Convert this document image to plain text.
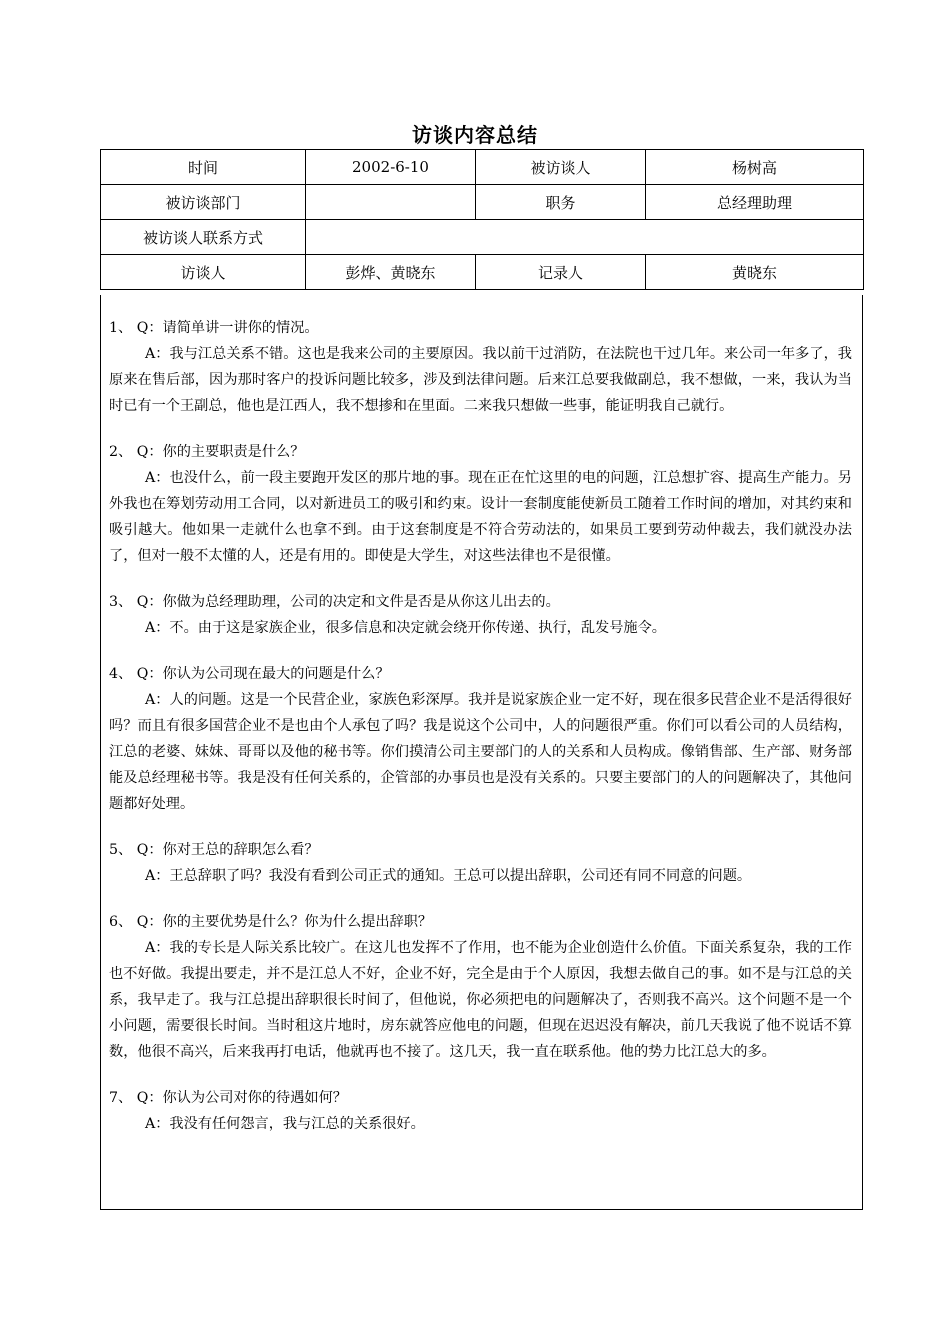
访谈内容总结
时间	2002-6-10	被访谈人	杨树高
被访谈部门		职务	总经理助理
被访谈人联系方式			
访谈人	彭烨、黄晓东	记录人	黄晓东
1、 Q：请简单讲一讲你的情况。
A：我与江总关系不错。这也是我来公司的主要原因。我以前干过消防，在法院也干过几年。来公司一年多了，我原来在售后部，因为那时客户的投诉问题比较多，涉及到法律问题。后来江总要我做副总，我不想做，一来，我认为当时已有一个王副总，他也是江西人，我不想掺和在里面。二来我只想做一些事，能证明我自己就行。
2、 Q：你的主要职责是什么？
A：也没什么，前一段主要跑开发区的那片地的事。现在正在忙这里的电的问题，江总想扩容、提高生产能力。另外我也在筹划劳动用工合同，以对新进员工的吸引和约束。设计一套制度能使新员工随着工作时间的增加，对其约束和吸引越大。他如果一走就什么也拿不到。由于这套制度是不符合劳动法的，如果员工要到劳动仲裁去，我们就没办法了，但对一般不太懂的人，还是有用的。即使是大学生，对这些法律也不是很懂。
3、 Q：你做为总经理助理，公司的决定和文件是否是从你这儿出去的。
A：不。由于这是家族企业，很多信息和决定就会绕开你传递、执行，乱发号施令。
4、 Q：你认为公司现在最大的问题是什么？
A：人的问题。这是一个民营企业，家族色彩深厚。我并是说家族企业一定不好，现在很多民营企业不是活得很好吗？而且有很多国营企业不是也由个人承包了吗？我是说这个公司中，人的问题很严重。你们可以看公司的人员结构，江总的老婆、妹妹、哥哥以及他的秘书等。你们摸清公司主要部门的人的关系和人员构成。像销售部、生产部、财务部能及总经理秘书等。我是没有任何关系的，企管部的办事员也是没有关系的。只要主要部门的人的问题解决了，其他问题都好处理。
5、 Q：你对王总的辞职怎么看？
A：王总辞职了吗？我没有看到公司正式的通知。王总可以提出辞职，公司还有同不同意的问题。
6、 Q：你的主要优势是什么？你为什么提出辞职？
A：我的专长是人际关系比较广。在这儿也发挥不了作用，也不能为企业创造什么价值。下面关系复杂，我的工作也不好做。我提出要走，并不是江总人不好，企业不好，完全是由于个人原因，我想去做自己的事。如不是与江总的关系，我早走了。我与江总提出辞职很长时间了，但他说，你必须把电的问题解决了，否则我不高兴。这个问题不是一个小问题，需要很长时间。当时租这片地时，房东就答应他电的问题，但现在迟迟没有解决，前几天我说了他不说话不算数，他很不高兴，后来我再打电话，他就再也不接了。这几天，我一直在联系他。他的势力比江总大的多。
7、 Q：你认为公司对你的待遇如何？
A：我没有任何怨言，我与江总的关系很好。
